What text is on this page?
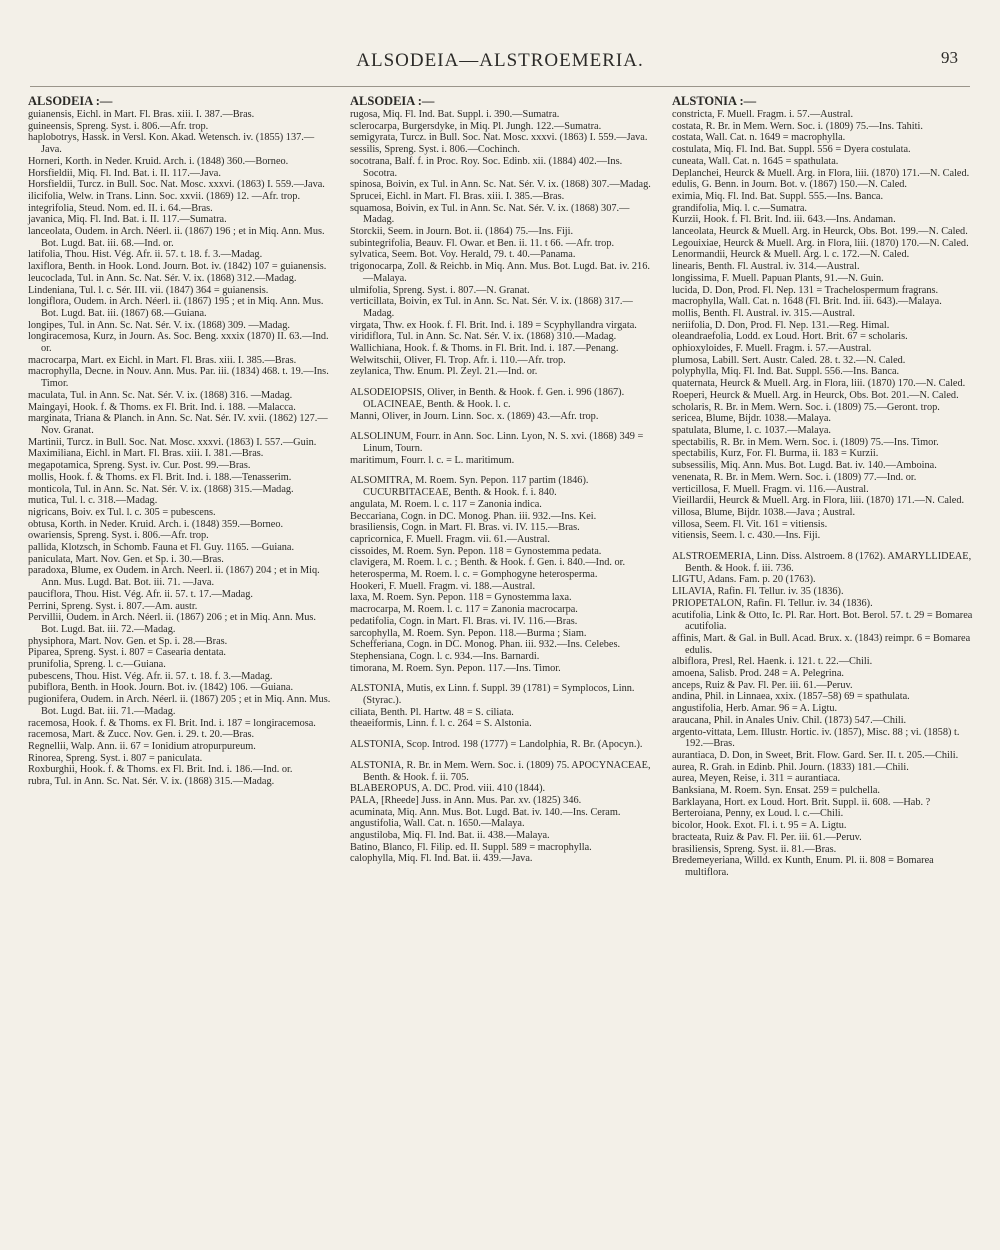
ALSODEIA—ALSTROEMERIA.	93

ALSODEIA :—

guianensis, Eichl. in Mart. Fl. Bras. xiii. I. 387.—Bras.

guineensis, Spreng. Syst. i. 806.—Afr. trop.

haplobotrys, Hassk. in Versl. Kon. Akad. Wetensch. iv. (1855) 137.—Java.

Horneri, Korth. in Neder. Kruid. Arch. i. (1848) 360.—Borneo.

Horsfieldii, Miq. Fl. Ind. Bat. i. II. 117.—Java.

Horsfieldii, Turcz. in Bull. Soc. Nat. Mosc. xxxvi. (1863) I. 559.—Java.

ilicifolia, Welw. in Trans. Linn. Soc. xxvii. (1869) 12. —Afr. trop.

integrifolia, Steud. Nom. ed. II. i. 64.—Bras.

javanica, Miq. Fl. Ind. Bat. i. II. 117.—Sumatra.

lanceolata, Oudem. in Arch. Néerl. ii. (1867) 196 ; et in Miq. Ann. Mus. Bot. Lugd. Bat. iii. 68.—Ind. or.

latifolia, Thou. Hist. Vég. Afr. ii. 57. t. 18. f. 3.—Madag.

laxiflora, Benth. in Hook. Lond. Journ. Bot. iv. (1842) 107 = guianensis.

leucoclada, Tul. in Ann. Sc. Nat. Sér. V. ix. (1868) 312.—Madag.

Lindeniana, Tul. l. c. Sér. III. vii. (1847) 364 = guianensis.

longiflora, Oudem. in Arch. Néerl. ii. (1867) 195 ; et in Miq. Ann. Mus. Bot. Lugd. Bat. iii. (1867) 68.—Guiana.

longipes, Tul. in Ann. Sc. Nat. Sér. V. ix. (1868) 309. —Madag.

longiracemosa, Kurz, in Journ. As. Soc. Beng. xxxix (1870) II. 63.—Ind. or.

macrocarpa, Mart. ex Eichl. in Mart. Fl. Bras. xiii. I. 385.—Bras.

macrophylla, Decne. in Nouv. Ann. Mus. Par. iii. (1834) 468. t. 19.—Ins. Timor.

maculata, Tul. in Ann. Sc. Nat. Sér. V. ix. (1868) 316. —Madag.

Maingayi, Hook. f. & Thoms. ex Fl. Brit. Ind. i. 188. —Malacca.

marginata, Triana & Planch. in Ann. Sc. Nat. Sér. IV. xvii. (1862) 127.—Nov. Granat.

Martinii, Turcz. in Bull. Soc. Nat. Mosc. xxxvi. (1863) I. 557.—Guin.

Maximiliana, Eichl. in Mart. Fl. Bras. xiii. I. 381.—Bras.

megapotamica, Spreng. Syst. iv. Cur. Post. 99.—Bras.

mollis, Hook. f. & Thoms. ex Fl. Brit. Ind. i. 188.—Tenasserim.

monticola, Tul. in Ann. Sc. Nat. Sér. V. ix. (1868) 315.—Madag.

mutica, Tul. l. c. 318.—Madag.

nigricans, Boiv. ex Tul. l. c. 305 = pubescens.

obtusa, Korth. in Neder. Kruid. Arch. i. (1848) 359.—Borneo.

owariensis, Spreng. Syst. i. 806.—Afr. trop.

pallida, Klotzsch, in Schomb. Fauna et Fl. Guy. 1165. —Guiana.

paniculata, Mart. Nov. Gen. et Sp. i. 30.—Bras.

paradoxa, Blume, ex Oudem. in Arch. Neerl. ii. (1867) 204 ; et in Miq. Ann. Mus. Lugd. Bat. Bot. iii. 71. —Java.

pauciflora, Thou. Hist. Vég. Afr. ii. 57. t. 17.—Madag.

Perrini, Spreng. Syst. i. 807.—Am. austr.

Pervillii, Oudem. in Arch. Néerl. ii. (1867) 206 ; et in Miq. Ann. Mus. Bot. Lugd. Bat. iii. 72.—Madag.

physiphora, Mart. Nov. Gen. et Sp. i. 28.—Bras.

Piparea, Spreng. Syst. i. 807 = Casearia dentata.

prunifolia, Spreng. l. c.—Guiana.

pubescens, Thou. Hist. Vég. Afr. ii. 57. t. 18. f. 3.—Madag.

pubiflora, Benth. in Hook. Journ. Bot. iv. (1842) 106. —Guiana.

pugionifera, Oudem. in Arch. Néerl. ii. (1867) 205 ; et in Miq. Ann. Mus. Bot. Lugd. Bat. iii. 71.—Madag.

racemosa, Hook. f. & Thoms. ex Fl. Brit. Ind. i. 187 = longiracemosa.

racemosa, Mart. & Zucc. Nov. Gen. i. 29. t. 20.—Bras.

Regnellii, Walp. Ann. ii. 67 = Ionidium atropurpureum.

Rinorea, Spreng. Syst. i. 807 = paniculata.

Roxburghii, Hook. f. & Thoms. ex Fl. Brit. Ind. i. 186.—Ind. or.

rubra, Tul. in Ann. Sc. Nat. Sér. V. ix. (1868) 315.—Madag.

ALSODEIA :—

rugosa, Miq. Fl. Ind. Bat. Suppl. i. 390.—Sumatra.

sclerocarpa, Burgersdyke, in Miq. Pl. Jungh. 122.—Sumatra.

semigyrata, Turcz. in Bull. Soc. Nat. Mosc. xxxvi. (1863) I. 559.—Java.

sessilis, Spreng. Syst. i. 806.—Cochinch.

socotrana, Balf. f. in Proc. Roy. Soc. Edinb. xii. (1884) 402.—Ins. Socotra.

spinosa, Boivin, ex Tul. in Ann. Sc. Nat. Sér. V. ix. (1868) 307.—Madag.

Sprucei, Eichl. in Mart. Fl. Bras. xiii. I. 385.—Bras.

squamosa, Boivin, ex Tul. in Ann. Sc. Nat. Sér. V. ix. (1868) 307.—Madag.

Storckii, Seem. in Journ. Bot. ii. (1864) 75.—Ins. Fiji.

subintegrifolia, Beauv. Fl. Owar. et Ben. ii. 11. t 66. —Afr. trop.

sylvatica, Seem. Bot. Voy. Herald, 79. t. 40.—Panama.

trigonocarpa, Zoll. & Reichb. in Miq. Ann. Mus. Bot. Lugd. Bat. iv. 216.—Malaya.

ulmifolia, Spreng. Syst. i. 807.—N. Granat.

verticillata, Boivin, ex Tul. in Ann. Sc. Nat. Sér. V. ix. (1868) 317.—Madag.

virgata, Thw. ex Hook. f. Fl. Brit. Ind. i. 189 = Scyphyllandra virgata.

viridiflora, Tul. in Ann. Sc. Nat. Sér. V. ix. (1868) 310.—Madag.

Wallichiana, Hook. f. & Thoms. in Fl. Brit. Ind. i. 187.—Penang.

Welwitschii, Oliver, Fl. Trop. Afr. i. 110.—Afr. trop.

zeylanica, Thw. Enum. Pl. Zeyl. 21.—Ind. or.

ALSODEIOPSIS, Oliver, in Benth. & Hook. f. Gen. i. 996 (1867). OLACINEAE, Benth. & Hook. l. c.

Manni, Oliver, in Journ. Linn. Soc. x. (1869) 43.—Afr. trop.

ALSOLINUM, Fourr. in Ann. Soc. Linn. Lyon, N. S. xvi. (1868) 349 = Linum, Tourn.

maritimum, Fourr. l. c. = L. maritimum.

ALSOMITRA, M. Roem. Syn. Pepon. 117 partim (1846). CUCURBITACEAE, Benth. & Hook. f. i. 840.

angulata, M. Roem. l. c. 117 = Zanonia indica.

Beccariana, Cogn. in DC. Monog. Phan. iii. 932.—Ins. Kei.

brasiliensis, Cogn. in Mart. Fl. Bras. vi. IV. 115.—Bras.

capricornica, F. Muell. Fragm. vii. 61.—Austral.

cissoides, M. Roem. Syn. Pepon. 118 = Gynostemma pedata.

clavigera, M. Roem. l. c. ; Benth. & Hook. f. Gen. i. 840.—Ind. or.

heterosperma, M. Roem. l. c. = Gomphogyne heterosperma.

Hookeri, F. Muell. Fragm. vi. 188.—Austral.

laxa, M. Roem. Syn. Pepon. 118 = Gynostemma laxa.

macrocarpa, M. Roem. l. c. 117 = Zanonia macrocarpa.

pedatifolia, Cogn. in Mart. Fl. Bras. vi. IV. 116.—Bras.

sarcophylla, M. Roem. Syn. Pepon. 118.—Burma ; Siam.

Schefferiana, Cogn. in DC. Monog. Phan. iii. 932.—Ins. Celebes.

Stephensiana, Cogn. l. c. 934.—Ins. Barnardi.

timorana, M. Roem. Syn. Pepon. 117.—Ins. Timor.

ALSTONIA, Mutis, ex Linn. f. Suppl. 39 (1781) = Symplocos, Linn. (Styrac.).

ciliata, Benth. Pl. Hartw. 48 = S. ciliata.

theaeiformis, Linn. f. l. c. 264 = S. Alstonia.

ALSTONIA, Scop. Introd. 198 (1777) = Landolphia, R. Br. (Apocyn.).

ALSTONIA, R. Br. in Mem. Wern. Soc. i. (1809) 75. APOCYNACEAE, Benth. & Hook. f. ii. 705.

BLABEROPUS, A. DC. Prod. viii. 410 (1844).

PALA, [Rheede] Juss. in Ann. Mus. Par. xv. (1825) 346.

acuminata, Miq. Ann. Mus. Bot. Lugd. Bat. iv. 140.—Ins. Ceram.

angustifolia, Wall. Cat. n. 1650.—Malaya.

angustiloba, Miq. Fl. Ind. Bat. ii. 438.—Malaya.

Batino, Blanco, Fl. Filip. ed. II. Suppl. 589 = macrophylla.

calophylla, Miq. Fl. Ind. Bat. ii. 439.—Java.

ALSTONIA :—

constricta, F. Muell. Fragm. i. 57.—Austral.

costata, R. Br. in Mem. Wern. Soc. i. (1809) 75.—Ins. Tahiti.

costata, Wall. Cat. n. 1649 = macrophylla.

costulata, Miq. Fl. Ind. Bat. Suppl. 556 = Dyera costulata.

cuneata, Wall. Cat. n. 1645 = spathulata.

Deplanchei, Heurck & Muell. Arg. in Flora, liii. (1870) 171.—N. Caled.

edulis, G. Benn. in Journ. Bot. v. (1867) 150.—N. Caled.

eximia, Miq. Fl. Ind. Bat. Suppl. 555.—Ins. Banca.

grandifolia, Miq. l. c.—Sumatra.

Kurzii, Hook. f. Fl. Brit. Ind. iii. 643.—Ins. Andaman.

lanceolata, Heurck & Muell. Arg. in Heurck, Obs. Bot. 199.—N. Caled.

Legouixiae, Heurck & Muell. Arg. in Flora, liii. (1870) 170.—N. Caled.

Lenormandii, Heurck & Muell. Arg. l. c. 172.—N. Caled.

linearis, Benth. Fl. Austral. iv. 314.—Austral.

longissima, F. Muell. Papuan Plants, 91.—N. Guin.

lucida, D. Don, Prod. Fl. Nep. 131 = Trachelospermum fragrans.

macrophylla, Wall. Cat. n. 1648 (Fl. Brit. Ind. iii. 643).—Malaya.

mollis, Benth. Fl. Austral. iv. 315.—Austral.

neriifolia, D. Don, Prod. Fl. Nep. 131.—Reg. Himal.

oleandraefolia, Lodd. ex Loud. Hort. Brit. 67 = scholaris.

ophioxyloides, F. Muell. Fragm. i. 57.—Austral.

plumosa, Labill. Sert. Austr. Caled. 28. t. 32.—N. Caled.

polyphylla, Miq. Fl. Ind. Bat. Suppl. 556.—Ins. Banca.

quaternata, Heurck & Muell. Arg. in Flora, liii. (1870) 170.—N. Caled.

Roeperi, Heurck & Muell. Arg. in Heurck, Obs. Bot. 201.—N. Caled.

scholaris, R. Br. in Mem. Wern. Soc. i. (1809) 75.—Geront. trop.

sericea, Blume, Bijdr. 1038.—Malaya.

spatulata, Blume, l. c. 1037.—Malaya.

spectabilis, R. Br. in Mem. Wern. Soc. i. (1809) 75.—Ins. Timor.

spectabilis, Kurz, For. Fl. Burma, ii. 183 = Kurzii.

subsessilis, Miq. Ann. Mus. Bot. Lugd. Bat. iv. 140.—Amboina.

venenata, R. Br. in Mem. Wern. Soc. i. (1809) 77.—Ind. or.

verticillosa, F. Muell. Fragm. vi. 116.—Austral.

Vieillardii, Heurck & Muell. Arg. in Flora, liii. (1870) 171.—N. Caled.

villosa, Blume, Bijdr. 1038.—Java ; Austral.

villosa, Seem. Fl. Vit. 161 = vitiensis.

vitiensis, Seem. l. c. 430.—Ins. Fiji.

ALSTROEMERIA, Linn. Diss. Alstroem. 8 (1762). AMARYLLIDEAE, Benth. & Hook. f. iii. 736.

LIGTU, Adans. Fam. p. 20 (1763).

LILAVIA, Rafin. Fl. Tellur. iv. 35 (1836).

PRIOPETALON, Rafin. Fl. Tellur. iv. 34 (1836).

acutifolia, Link & Otto, Ic. Pl. Rar. Hort. Bot. Berol. 57. t. 29 = Bomarea acutifolia.

affinis, Mart. & Gal. in Bull. Acad. Brux. x. (1843) reimpr. 6 = Bomarea edulis.

albiflora, Presl, Rel. Haenk. i. 121. t. 22.—Chili.

amoena, Salisb. Prod. 248 = A. Pelegrina.

anceps, Ruiz & Pav. Fl. Per. iii. 61.—Peruv.

andina, Phil. in Linnaea, xxix. (1857–58) 69 = spathulata.

angustifolia, Herb. Amar. 96 = A. Ligtu.

araucana, Phil. in Anales Univ. Chil. (1873) 547.—Chili.

argento-vittata, Lem. Illustr. Hortic. iv. (1857), Misc. 88 ; vi. (1858) t. 192.—Bras.

aurantiaca, D. Don, in Sweet, Brit. Flow. Gard. Ser. II. t. 205.—Chili.

aurea, R. Grah. in Edinb. Phil. Journ. (1833) 181.—Chili.

aurea, Meyen, Reise, i. 311 = aurantiaca.

Banksiana, M. Roem. Syn. Ensat. 259 = pulchella.

Barklayana, Hort. ex Loud. Hort. Brit. Suppl. ii. 608. —Hab. ?

Berteroiana, Penny, ex Loud. l. c.—Chili.

bicolor, Hook. Exot. Fl. i. t. 95 = A. Ligtu.

bracteata, Ruiz & Pav. Fl. Per. iii. 61.—Peruv.

brasiliensis, Spreng. Syst. ii. 81.—Bras.

Bredemeyeriana, Willd. ex Kunth, Enum. Pl. ii. 808 = Bomarea multiflora.
